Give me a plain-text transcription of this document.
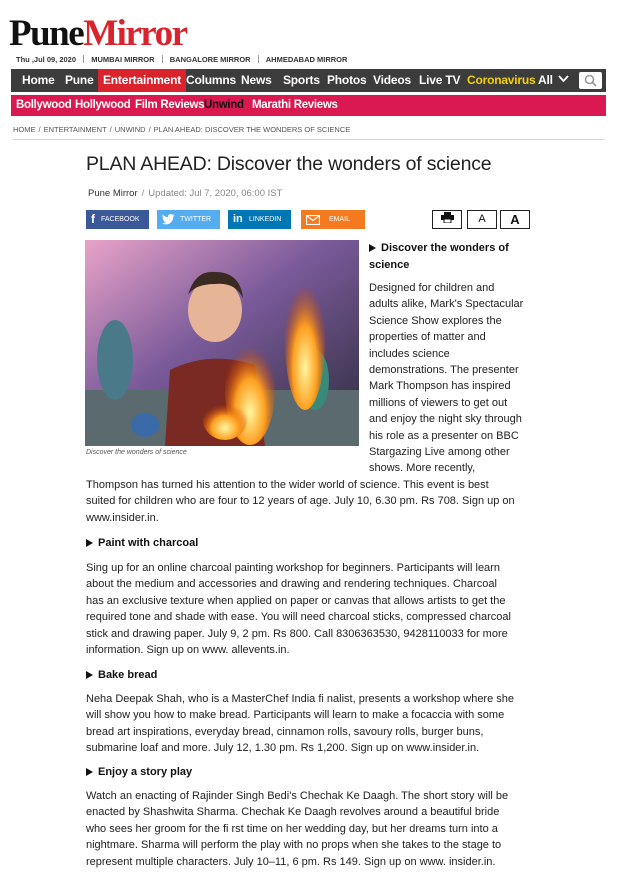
PuneMirror
Thu ,Jul 09, 2020 MUMBAI MIRROR BANGALORE MIRROR AHMEDABAD MIRROR
Home Pune Entertainment Columns News Sports Photos Videos Live TV Coronavirus All
Bollywood Hollywood Film Reviews Unwind Marathi Reviews
HOME / ENTERTAINMENT / UNWIND / PLAN AHEAD: DISCOVER THE WONDERS OF SCIENCE
PLAN AHEAD: Discover the wonders of science
Pune Mirror / Updated: Jul 7, 2020, 06:00 IST
f FACEBOOK	TWITTER in LINKEDIN	EMAIL	A	A
Discover the wonders of science
Discover the wonders of
science
Designed for children and
adults alike, Mark's Spectacular
Science Show explores the
properties of matter and
includes science
demonstrations. The presenter
Mark Thompson has inspired
millions of viewers to get out
and enjoy the night sky through
his role as a presenter on BBC
Stargazing Live among other
shows. More recently,
Thompson has turned his attention to the wider world of science. This event is best
suited for children who are four to 12 years of age. July 10, 6.30 pm. Rs 708. Sign up on
www.insider.in.
Paint with charcoal
Sing up for an online charcoal painting workshop for beginners. Participants will learn
about the medium and accessories and drawing and rendering techniques. Charcoal
has an exclusive texture when applied on paper or canvas that allows artists to get the
required tone and shade with ease. You will need charcoal sticks, compressed charcoal
stick and drawing paper. July 9, 2 pm. Rs 800. Call 8306363530, 9428110033 for more
information. Sign up on www. allevents.in.
Bake bread
Neha Deepak Shah, who is a MasterChef India fi nalist, presents a workshop where she
will show you how to make bread. Participants will learn to make a focaccia with some
bread art inspirations, everyday bread, cinnamon rolls, savoury rolls, burger buns,
submarine loaf and more. July 12, 1.30 pm. Rs 1,200. Sign up on www.insider.in.
Enjoy a story play
Watch an enacting of Rajinder Singh Bedi's Chechak Ke Daagh. The short story will be
enacted by Shashwita Sharma. Chechak Ke Daagh revolves around a beautiful bride
who sees her groom for the fi rst time on her wedding day, but her dreams turn into a
nightmare. Sharma will perform the play with no props when she takes to the stage to
represent multiple characters. July 10–11, 6 pm. Rs 149. Sign up on www. insider.in.
